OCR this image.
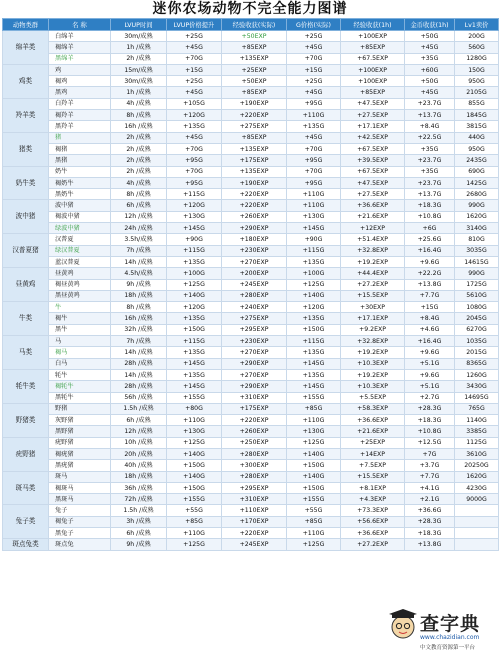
迷你农场动物不完全能力图谱
动物类群	名 称	LVUP时间	LVUP价格提升	经验收获(实际)	G价格(实际)	经验收获(1h)	金币收获(1h)	Lv1卖价
绵羊类	白绵羊	30m/成熟	+25G	+50EXP	+25G	+100EXP	+50G	200G
	褐绵羊	1h /成熟	+45G	+85EXP	+45G	+85EXP	+45G	560G
	黑绵羊	2h /成熟	+70G	+135EXP	+70G	+67.5EXP	+35G	1280G
鸡类	鸡	15m/成熟	+15G	+25EXP	+15G	+100EXP	+60G	150G
	褐鸡	30m/成熟	+25G	+50EXP	+25G	+100EXP	+50G	950G
	黑鸡	1h /成熟	+45G	+85EXP	+45G	+85EXP	+45G	2105G
羚羊类	白羚羊	4h /成熟	+105G	+190EXP	+95G	+47.5EXP	+23.7G	855G
	褐羚羊	8h /成熟	+120G	+220EXP	+110G	+27.5EXP	+13.7G	1845G
	黑羚羊	16h /成熟	+135G	+275EXP	+135G	+17.1EXP	+8.4G	3815G
猪类	猪	2h /成熟	+45G	+85EXP	+45G	+42.5EXP	+22.5G	440G
	褐猪	2h /成熟	+70G	+135EXP	+70G	+67.5EXP	+35G	950G
	黑猪	2h /成熟	+95G	+175EXP	+95G	+39.5EXP	+23.7G	2435G
奶牛类	奶牛	2h /成熟	+70G	+135EXP	+70G	+67.5EXP	+35G	690G
	褐奶牛	4h /成熟	+95G	+190EXP	+95G	+47.5EXP	+23.7G	1425G
	黑奶牛	8h /成熟	+115G	+220EXP	+110G	+27.5EXP	+13.7G	2680G
波中猪	波中猪	6h /成熟	+120G	+220EXP	+110G	+36.6EXP	+18.3G	990G
	褐波中猪	12h /成熟	+130G	+260EXP	+130G	+21.6EXP	+10.8G	1620G
	绿波中猪	24h /成熟	+145G	+290EXP	+145G	+12EXP	+6G	3140G
汉普夏猪	汉普夏	3.5h/成熟	+90G	+180EXP	+90G	+51.4EXP	+25.6G	810G
	绿汉普夏	7h /成熟	+115G	+230EXP	+115G	+32.8EXP	+16.4G	3035G
	蓝汉普夏	14h /成熟	+135G	+270EXP	+135G	+19.2EXP	+9.6G	14615G
昼黄鸡	昼黄鸡	4.5h/成熟	+100G	+200EXP	+100G	+44.4EXP	+22.2G	990G
	褐昼黄鸡	9h /成熟	+125G	+245EXP	+125G	+27.2EXP	+13.8G	1725G
	黑昼黄鸡	18h /成熟	+140G	+280EXP	+140G	+15.5EXP	+7.7G	5610G
牛类	牛	8h /成熟	+120G	+240EXP	+120G	+30EXP	+15G	1080G
	褐牛	16h /成熟	+135G	+275EXP	+135G	+17.1EXP	+8.4G	2045G
	黑牛	32h /成熟	+150G	+295EXP	+150G	+9.2EXP	+4.6G	6270G
马类	马	7h /成熟	+115G	+230EXP	+115G	+32.8EXP	+16.4G	1035G
	褐马	14h /成熟	+135G	+270EXP	+135G	+19.2EXP	+9.6G	2015G
	白马	28h /成熟	+145G	+290EXP	+145G	+10.3EXP	+5.1G	8365G
牦牛类	牦牛	14h /成熟	+135G	+270EXP	+135G	+19.2EXP	+9.6G	1260G
	褐牦牛	28h /成熟	+145G	+290EXP	+145G	+10.3EXP	+5.1G	3430G
	黑牦牛	56h /成熟	+155G	+310EXP	+155G	+5.5EXP	+2.7G	14695G
野猪类	野猪	1.5h /成熟	+80G	+175EXP	+85G	+58.3EXP	+28.3G	765G
	灰野猪	6h /成熟	+110G	+220EXP	+110G	+36.6EXP	+18.3G	1140G
	黑野猪	12h /成熟	+130G	+260EXP	+130G	+21.6EXP	+10.8G	3385G
疣野猪	疣野猪	10h /成熟	+125G	+250EXP	+125G	+25EXP	+12.5G	1125G
	褐疣猪	20h /成熟	+140G	+280EXP	+140G	+14EXP	+7G	3610G
	黑疣猪	40h /成熟	+150G	+300EXP	+150G	+7.5EXP	+3.7G	20250G
斑马类	斑马	18h /成熟	+140G	+280EXP	+140G	+15.5EXP	+7.7G	1620G
	褐斑马	36h /成熟	+150G	+295EXP	+150G	+8.1EXP	+4.1G	4230G
	黑斑马	72h /成熟	+155G	+310EXP	+155G	+4.3EXP	+2.1G	9000G
兔子类	兔子	1.5h /成熟	+55G	+110EXP	+55G	+73.3EXP	+36.6G	
	褐兔子	3h /成熟	+85G	+170EXP	+85G	+56.6EXP	+28.3G	
	黑兔子	6h /成熟	+110G	+220EXP	+110G	+36.6EXP	+18.3G	
斑点兔类	斑点兔	9h /成熟	+125G	+245EXP	+125G	+27.2EXP	+13.8G	
查字典
www.chazidian.com
中文教育资源第一平台
